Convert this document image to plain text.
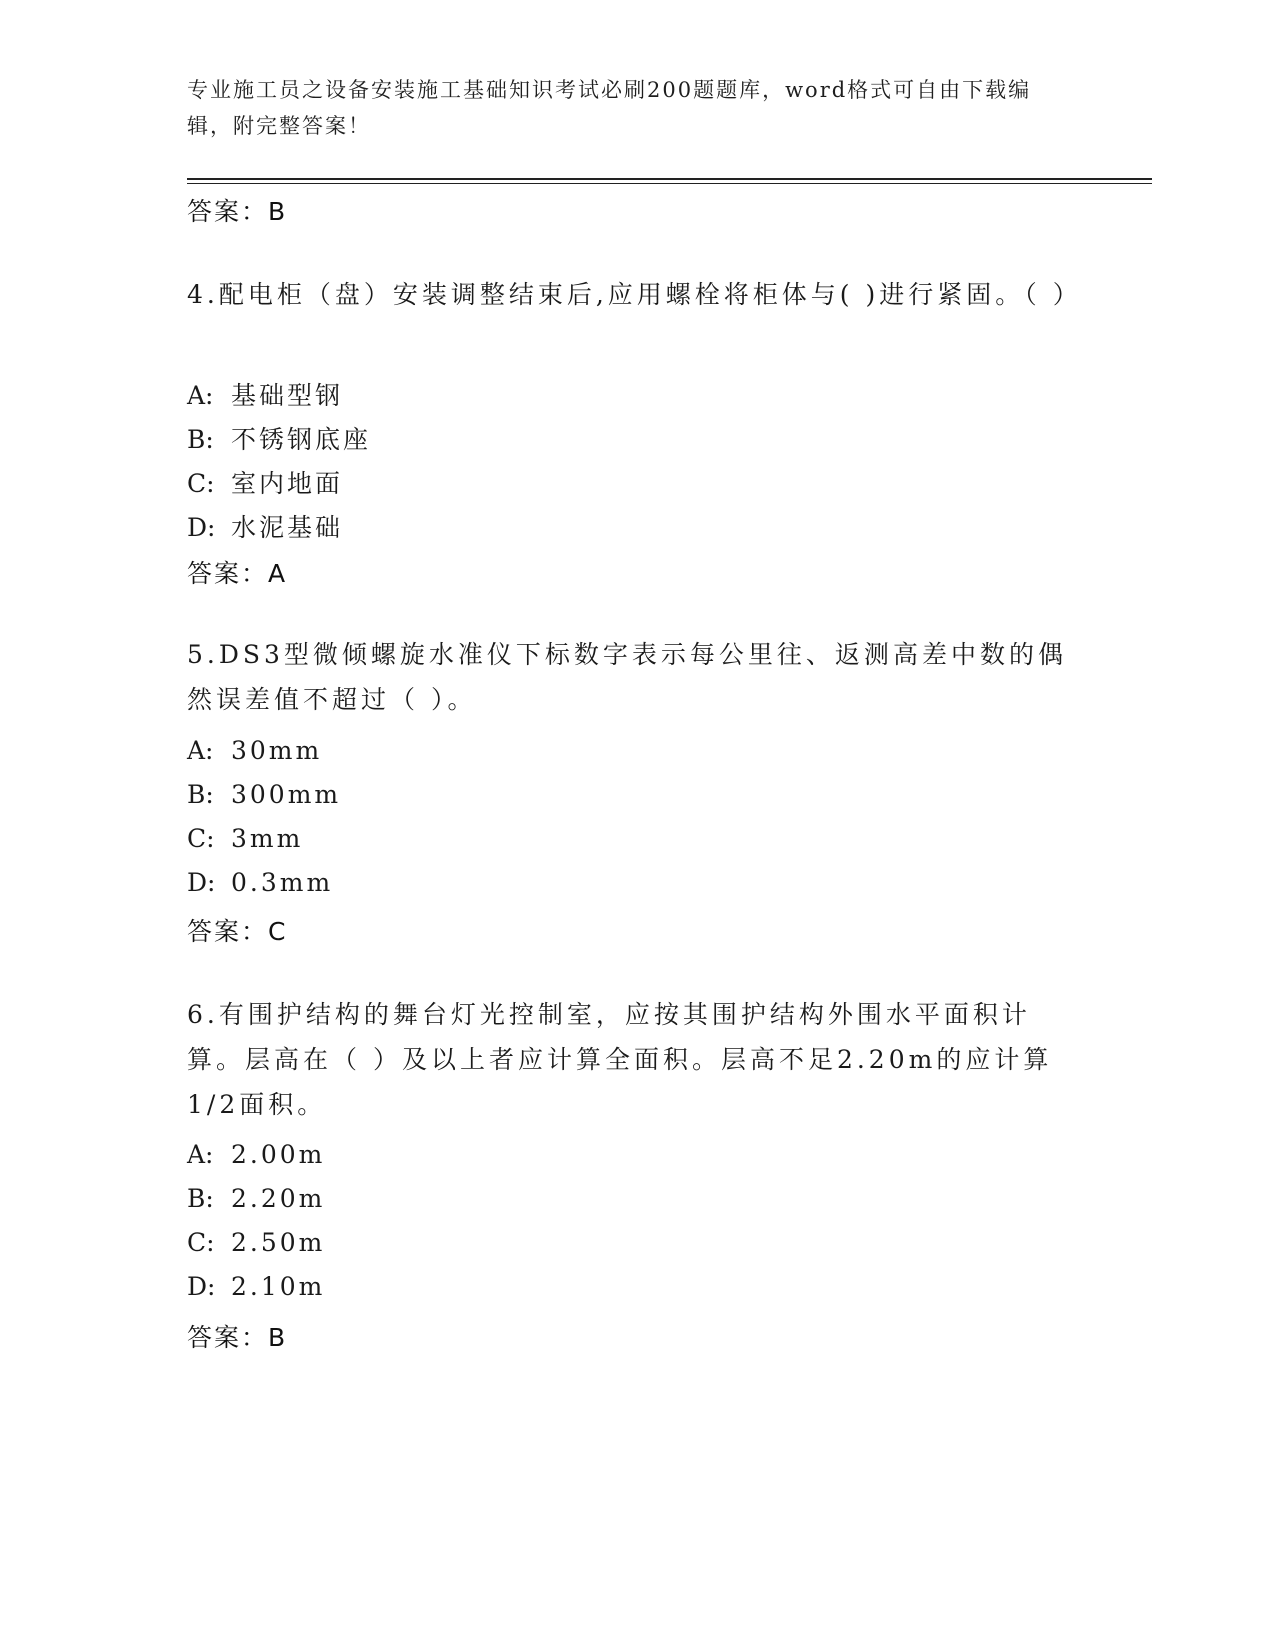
专业施工员之设备安装施工基础知识考试必刷200题题库，word格式可自由下载编辑，附完整答案！
答案：B
4.配电柜（盘）安装调整结束后,应用螺栓将柜体与( )进行紧固。（ ）
A: 基础型钢
B: 不锈钢底座
C: 室内地面
D: 水泥基础
答案：A
5.DS3型微倾螺旋水准仪下标数字表示每公里往、返测高差中数的偶然误差值不超过（ ）。
A: 30mm
B: 300mm
C: 3mm
D: 0.3mm
答案：C
6.有围护结构的舞台灯光控制室，应按其围护结构外围水平面积计算。层高在（ ）及以上者应计算全面积。层高不足2.20m的应计算1/2面积。
A: 2.00m
B: 2.20m
C: 2.50m
D: 2.10m
答案：B
